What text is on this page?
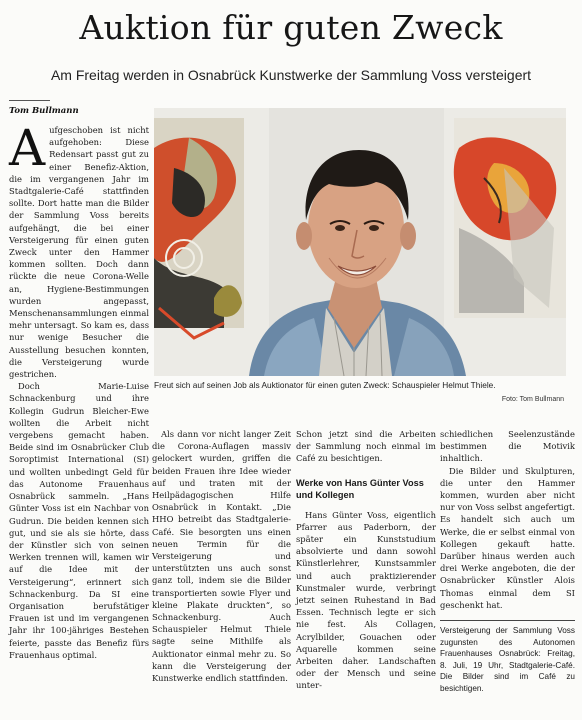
Auktion für guten Zweck
Am Freitag werden in Osnabrück Kunstwerke der Sammlung Voss versteigert
Tom Bullmann

Aufgeschoben ist nicht aufgehoben: Diese Redensart passt gut zu einer Benefiz-Aktion, die im vergangenen Jahr im Stadtgalerie-Café stattfinden sollte. Dort hatte man die Bilder der Sammlung Voss bereits aufgehängt, die bei einer Versteigerung für einen guten Zweck unter den Hammer kommen sollten. Doch dann rückte die neue Corona-Welle an, Hygiene-Bestimmungen wurden angepasst, Menschenansammlungen einmal mehr untersagt. So kam es, dass nur wenige Besucher die Ausstellung besuchen konnten, die Versteigerung wurde gestrichen.

Doch Marie-Luise Schnackenburg und ihre Kollegin Gudrun Bleicher-Ewe wollten die Arbeit nicht vergebens gemacht haben. Beide sind im Osnabrücker Club Soroptimist International (SI) und wollten unbedingt Geld für das Autonome Frauenhaus Osnabrück sammeln. „Hans Günter Voss ist ein Nachbar von Gudrun. Die beiden kennen sich gut, und sie als sie hörte, dass der Künstler sich von seinen Werken trennen will, kamen wir auf die Idee mit der Versteigerung“, erinnert sich Schnackenburg. Da SI eine Organisation berufstätiger Frauen ist und im vergangenen Jahr ihr 100-jähriges Bestehen feierte, passte das Benefiz fürs Frauenhaus optimal.

Freut sich auf seinen Job als Auktionator für einen guten Zweck: Schauspieler Helmut Thiele.
Foto: Tom Bullmann

Als dann vor nicht langer Zeit die Corona-Auflagen massiv gelockert wurden, griffen die beiden Frauen ihre Idee wieder auf und traten mit der Heilpädagogischen Hilfe Osnabrück in Kontakt. „Die HHO betreibt das Stadtgalerie-Café. Sie besorgten uns einen neuen Termin für die Versteigerung und unterstützten uns auch sonst ganz toll, indem sie die Bilder transportierten sowie Flyer und kleine Plakate druckten“, so Schnackenburg. Auch Schauspieler Helmut Thiele sagte seine Mithilfe als Auktionator einmal mehr zu. So kann die Versteigerung der Kunstwerke endlich stattfinden.

Schon jetzt sind die Arbeiten der Sammlung noch einmal im Café zu besichtigen.

Werke von Hans Günter Voss und Kollegen

Hans Günter Voss, eigentlich Pfarrer aus Paderborn, der später ein Kunststudium absolvierte und dann sowohl Künstlerlehrer, Kunstsammler und auch praktizierender Kunstmaler wurde, verbringt jetzt seinen Ruhestand in Bad Essen. Technisch legte er sich nie fest. Als Collagen, Acrylbilder, Gouachen oder Aquarelle kommen seine Arbeiten daher. Landschaften oder der Mensch und seine unter-

schiedlichen Seelenzustände bestimmen die Motivik inhaltlich.

Die Bilder und Skulpturen, die unter den Hammer kommen, wurden aber nicht nur von Voss selbst angefertigt. Es handelt sich auch um Werke, die er selbst einmal von Kollegen gekauft hatte. Darüber hinaus werden auch drei Werke angeboten, die der Osnabrücker Künstler Alois Thomas einmal dem SI geschenkt hat.

Versteigerung der Sammlung Voss zugunsten des Autonomen Frauenhauses Osnabrück: Freitag, 8. Juli, 19 Uhr, Stadtgalerie-Café. Die Bilder sind im Café zu besichtigen.
